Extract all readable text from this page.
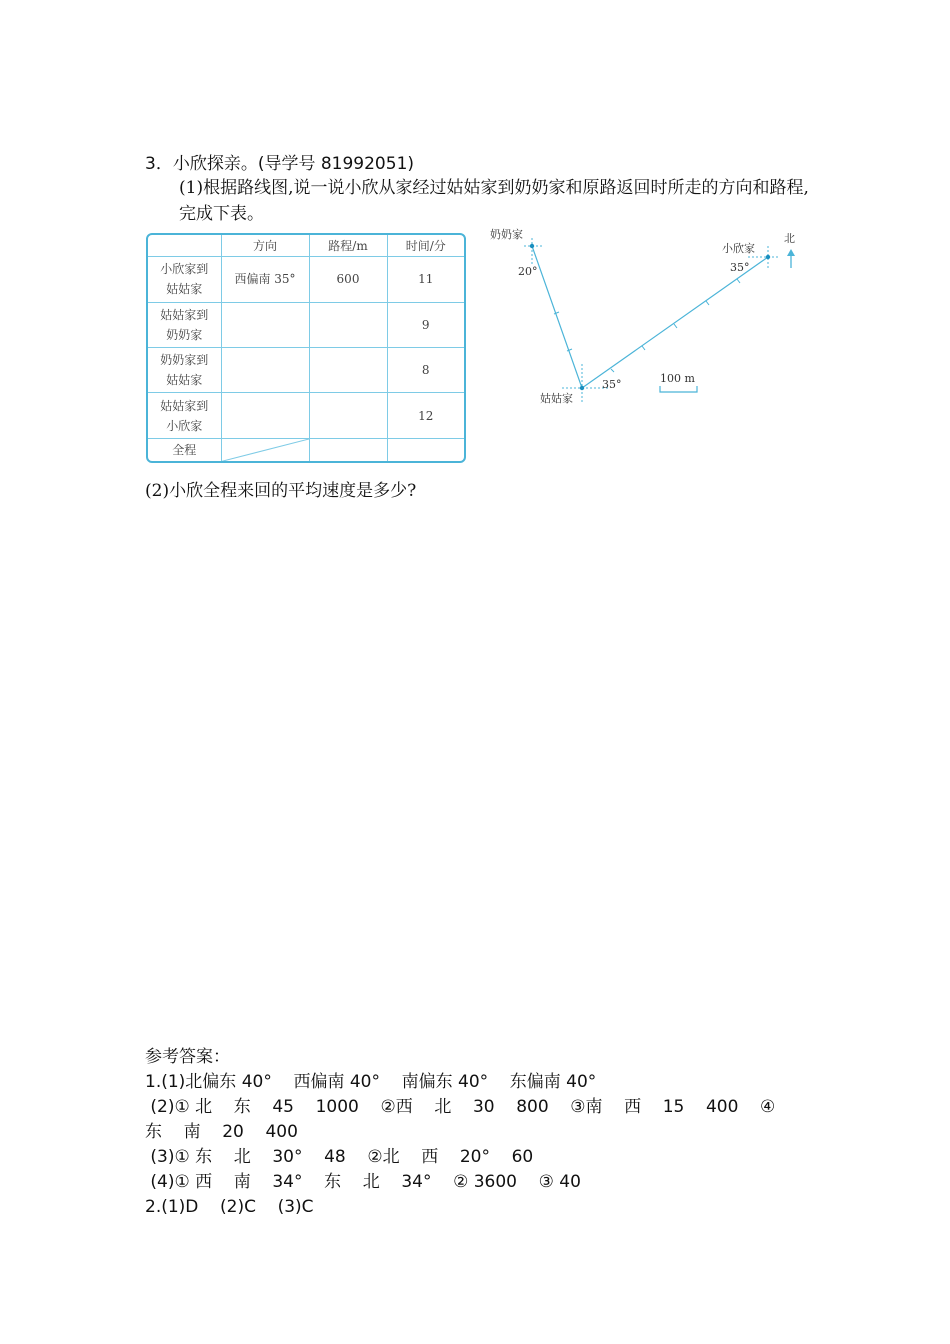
3．小欣探亲。(导学号 81992051)
(1)根据路线图,说一说小欣从家经过姑姑家到奶奶家和原路返回时所走的方向和路程,完成下表。
	方向	路程/m	时间/分
小欣家到
姑姑家	西偏南 35°	600	11
姑姑家到
奶奶家			9
奶奶家到
姑姑家			8
姑姑家到
小欣家			12
全程	

奶奶家
20°
姑姑家
35°
小欣家
35°
北
100 m
(2)小欣全程来回的平均速度是多少?
参考答案：
1.(1)北偏东 40°    西偏南 40°    南偏东 40°    东偏南 40°
(2)① 北    东    45    1000    ②西    北    30    800    ③南    西    15    400    ④
东    南    20    400
(3)① 东    北    30°    48    ②北    西    20°    60
(4)① 西    南    34°    东    北    34°    ② 3600    ③ 40
2.(1)D    (2)C    (3)C
